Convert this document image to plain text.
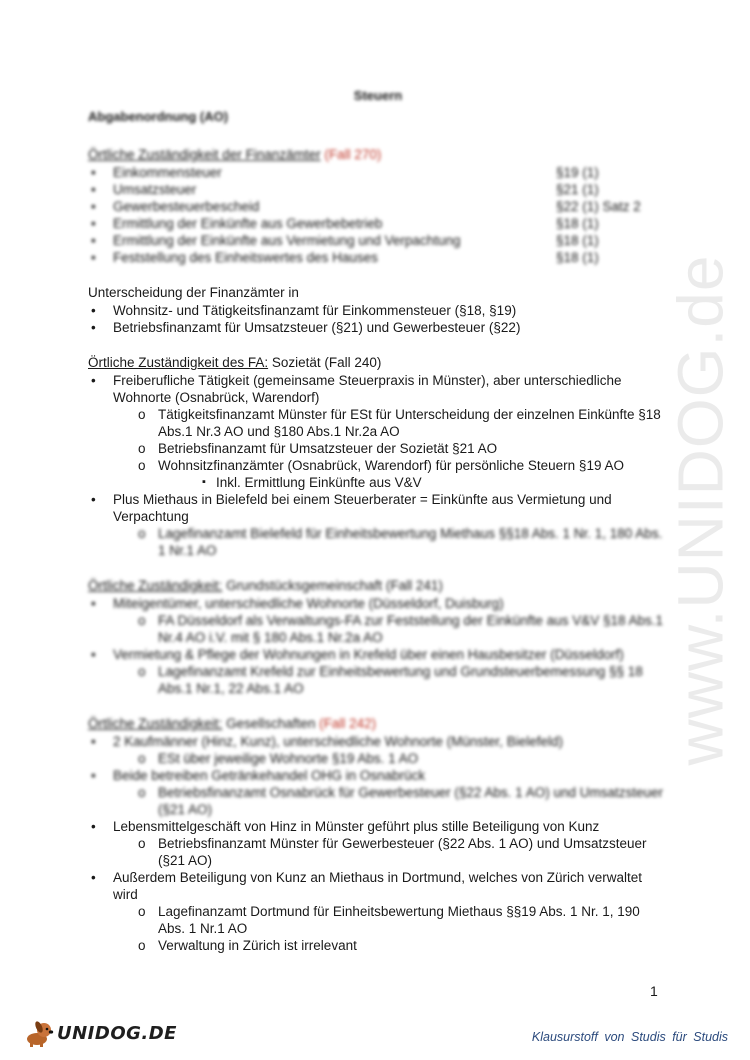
www.UNIDOG.de
Steuern
Abgabenordnung (AO)
Örtliche Zuständigkeit der Finanzämter (Fall 270)
• Einkommensteuer	§19 (1)
• Umsatzsteuer	§21 (1)
• Gewerbesteuerbescheid	§22 (1) Satz 2
• Ermittlung der Einkünfte aus Gewerbebetrieb	§18 (1)
• Ermittlung der Einkünfte aus Vermietung und Verpachtung	§18 (1)
• Feststellung des Einheitswertes des Hauses	§18 (1)
Unterscheidung der Finanzämter in
• Wohnsitz- und Tätigkeitsfinanzamt für Einkommensteuer (§18, §19)
• Betriebsfinanzamt für Umsatzsteuer (§21) und Gewerbesteuer (§22)
Örtliche Zuständigkeit des FA: Sozietät (Fall 240)
• Freiberufliche Tätigkeit (gemeinsame Steuerpraxis in Münster), aber unterschiedliche Wohnorte (Osnabrück, Warendorf)
o Tätigkeitsfinanzamt Münster für ESt für Unterscheidung der einzelnen Einkünfte §18 Abs.1 Nr.3 AO und §180 Abs.1 Nr.2a AO
o Betriebsfinanzamt für Umsatzsteuer der Sozietät §21 AO
o Wohnsitzfinanzämter (Osnabrück, Warendorf) für persönliche Steuern §19 AO
▪ Inkl. Ermittlung Einkünfte aus V&V
• Plus Miethaus in Bielefeld bei einem Steuerberater = Einkünfte aus Vermietung und Verpachtung
o Lagefinanzamt Bielefeld für Einheitsbewertung Miethaus §§18 Abs. 1 Nr. 1, 180 Abs. 1 Nr.1 AO
Örtliche Zuständigkeit: Grundstücksgemeinschaft (Fall 241)
• Miteigentümer, unterschiedliche Wohnorte (Düsseldorf, Duisburg)
o FA Düsseldorf als Verwaltungs-FA zur Feststellung der Einkünfte aus V&V §18 Abs.1 Nr.4 AO i.V. mit § 180 Abs.1 Nr.2a AO
• Vermietung & Pflege der Wohnungen in Krefeld über einen Hausbesitzer (Düsseldorf)
o Lagefinanzamt Krefeld zur Einheitsbewertung und Grundsteuerbemessung §§ 18 Abs.1 Nr.1, 22 Abs.1 AO
Örtliche Zuständigkeit: Gesellschaften (Fall 242)
• 2 Kaufmänner (Hinz, Kunz), unterschiedliche Wohnorte (Münster, Bielefeld)
o ESt über jeweilige Wohnorte §19 Abs. 1 AO
• Beide betreiben Getränkehandel OHG in Osnabrück
o Betriebsfinanzamt Osnabrück für Gewerbesteuer (§22 Abs. 1 AO) und Umsatzsteuer (§21 AO)
• Lebensmittelgeschäft von Hinz in Münster geführt plus stille Beteiligung von Kunz
o Betriebsfinanzamt Münster für Gewerbesteuer (§22 Abs. 1 AO) und Umsatzsteuer (§21 AO)
• Außerdem Beteiligung von Kunz an Miethaus in Dortmund, welches von Zürich verwaltet wird
o Lagefinanzamt Dortmund für Einheitsbewertung Miethaus §§19 Abs. 1 Nr. 1, 190 Abs. 1 Nr.1 AO
o Verwaltung in Zürich ist irrelevant
1
UNIDOG.DE	Klausurstoff von Studis für Studis
